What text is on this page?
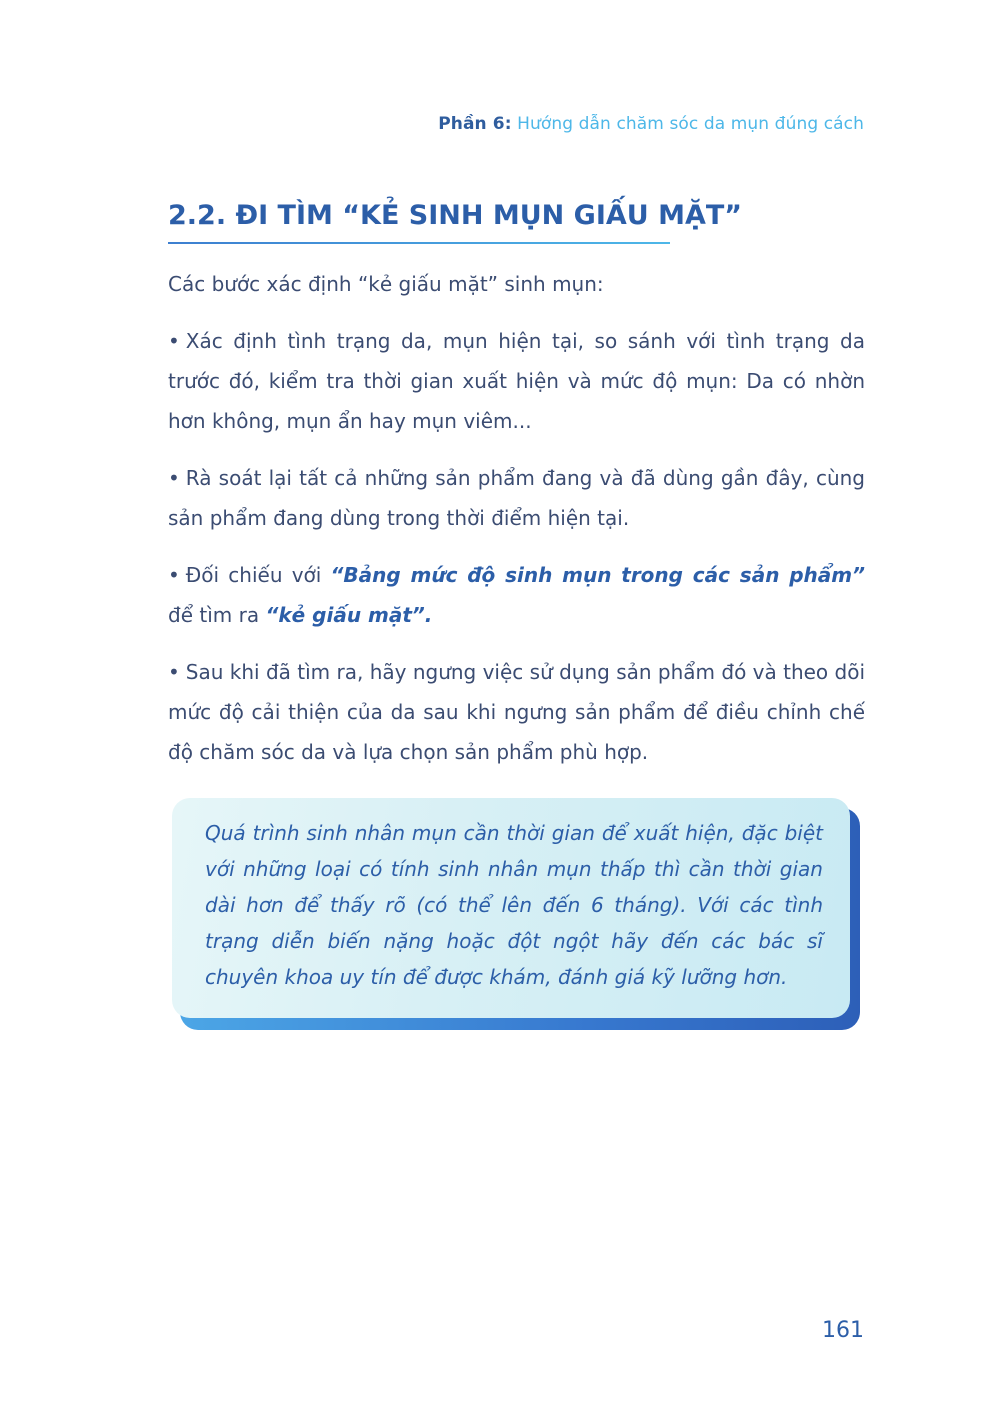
Phần 6: Hướng dẫn chăm sóc da mụn đúng cách
2.2. ĐI TÌM “KẺ SINH MỤN GIẤU MẶT”

Các bước xác định “kẻ giấu mặt” sinh mụn:

• Xác định tình trạng da, mụn hiện tại, so sánh với tình trạng da trước đó, kiểm tra thời gian xuất hiện và mức độ mụn: Da có nhờn hơn không, mụn ẩn hay mụn viêm...

• Rà soát lại tất cả những sản phẩm đang và đã dùng gần đây, cùng sản phẩm đang dùng trong thời điểm hiện tại.

• Đối chiếu với “Bảng mức độ sinh mụn trong các sản phẩm” để tìm ra “kẻ giấu mặt”.

• Sau khi đã tìm ra, hãy ngưng việc sử dụng sản phẩm đó và theo dõi mức độ cải thiện của da sau khi ngưng sản phẩm để điều chỉnh chế độ chăm sóc da và lựa chọn sản phẩm phù hợp.

Quá trình sinh nhân mụn cần thời gian để xuất hiện, đặc biệt với những loại có tính sinh nhân mụn thấp thì cần thời gian dài hơn để thấy rõ (có thể lên đến 6 tháng). Với các tình trạng diễn biến nặng hoặc đột ngột hãy đến các bác sĩ chuyên khoa uy tín để được khám, đánh giá kỹ lưỡng hơn.

161
